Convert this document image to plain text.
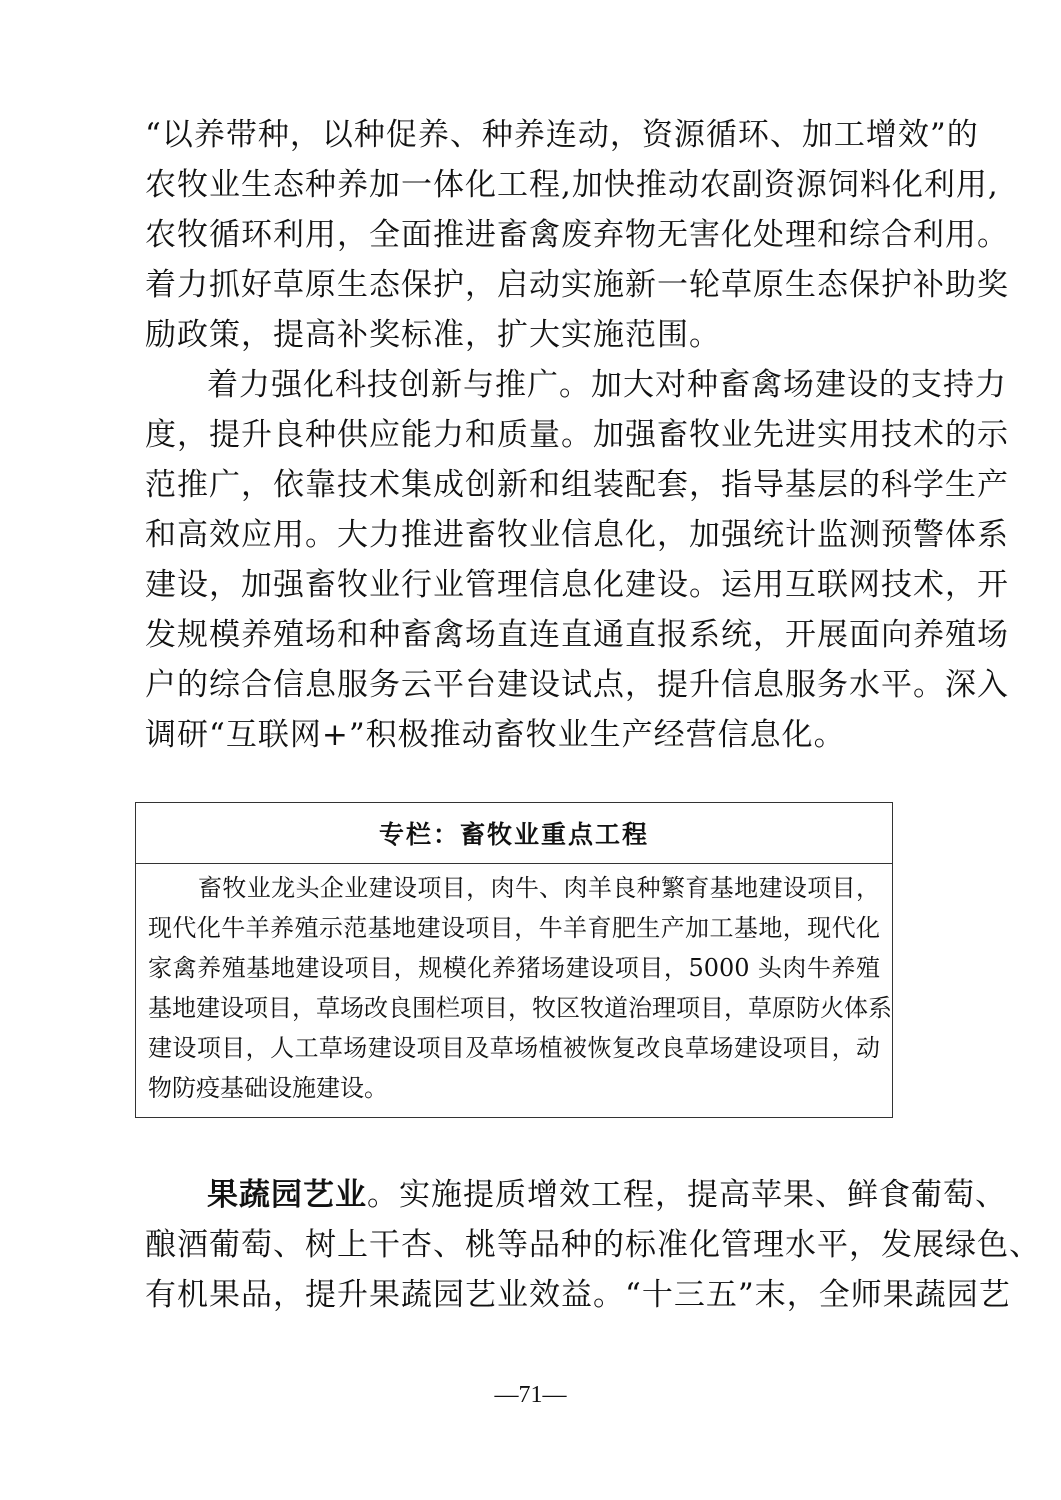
“以养带种，以种促养、种养连动，资源循环、加工增效”的
农牧业生态种养加一体化工程,加快推动农副资源饲料化利用,
农牧循环利用，全面推进畜禽废弃物无害化处理和综合利用。
着力抓好草原生态保护，启动实施新一轮草原生态保护补助奖
励政策，提高补奖标准，扩大实施范围。
着力强化科技创新与推广。加大对种畜禽场建设的支持力
度，提升良种供应能力和质量。加强畜牧业先进实用技术的示
范推广，依靠技术集成创新和组装配套，指导基层的科学生产
和高效应用。大力推进畜牧业信息化，加强统计监测预警体系
建设，加强畜牧业行业管理信息化建设。运用互联网技术，开
发规模养殖场和种畜禽场直连直通直报系统，开展面向养殖场
户的综合信息服务云平台建设试点，提升信息服务水平。深入
调研“互联网+”积极推动畜牧业生产经营信息化。
专栏：畜牧业重点工程
畜牧业龙头企业建设项目，肉牛、肉羊良种繁育基地建设项目，
现代化牛羊养殖示范基地建设项目，牛羊育肥生产加工基地，现代化
家禽养殖基地建设项目，规模化养猪场建设项目，5000 头肉牛养殖
基地建设项目，草场改良围栏项目，牧区牧道治理项目，草原防火体系
建设项目，人工草场建设项目及草场植被恢复改良草场建设项目，动
物防疫基础设施建设。
果蔬园艺业。实施提质增效工程，提高苹果、鲜食葡萄、
酿酒葡萄、树上干杏、桃等品种的标准化管理水平，发展绿色、
有机果品，提升果蔬园艺业效益。“十三五”末，全师果蔬园艺
—71—
